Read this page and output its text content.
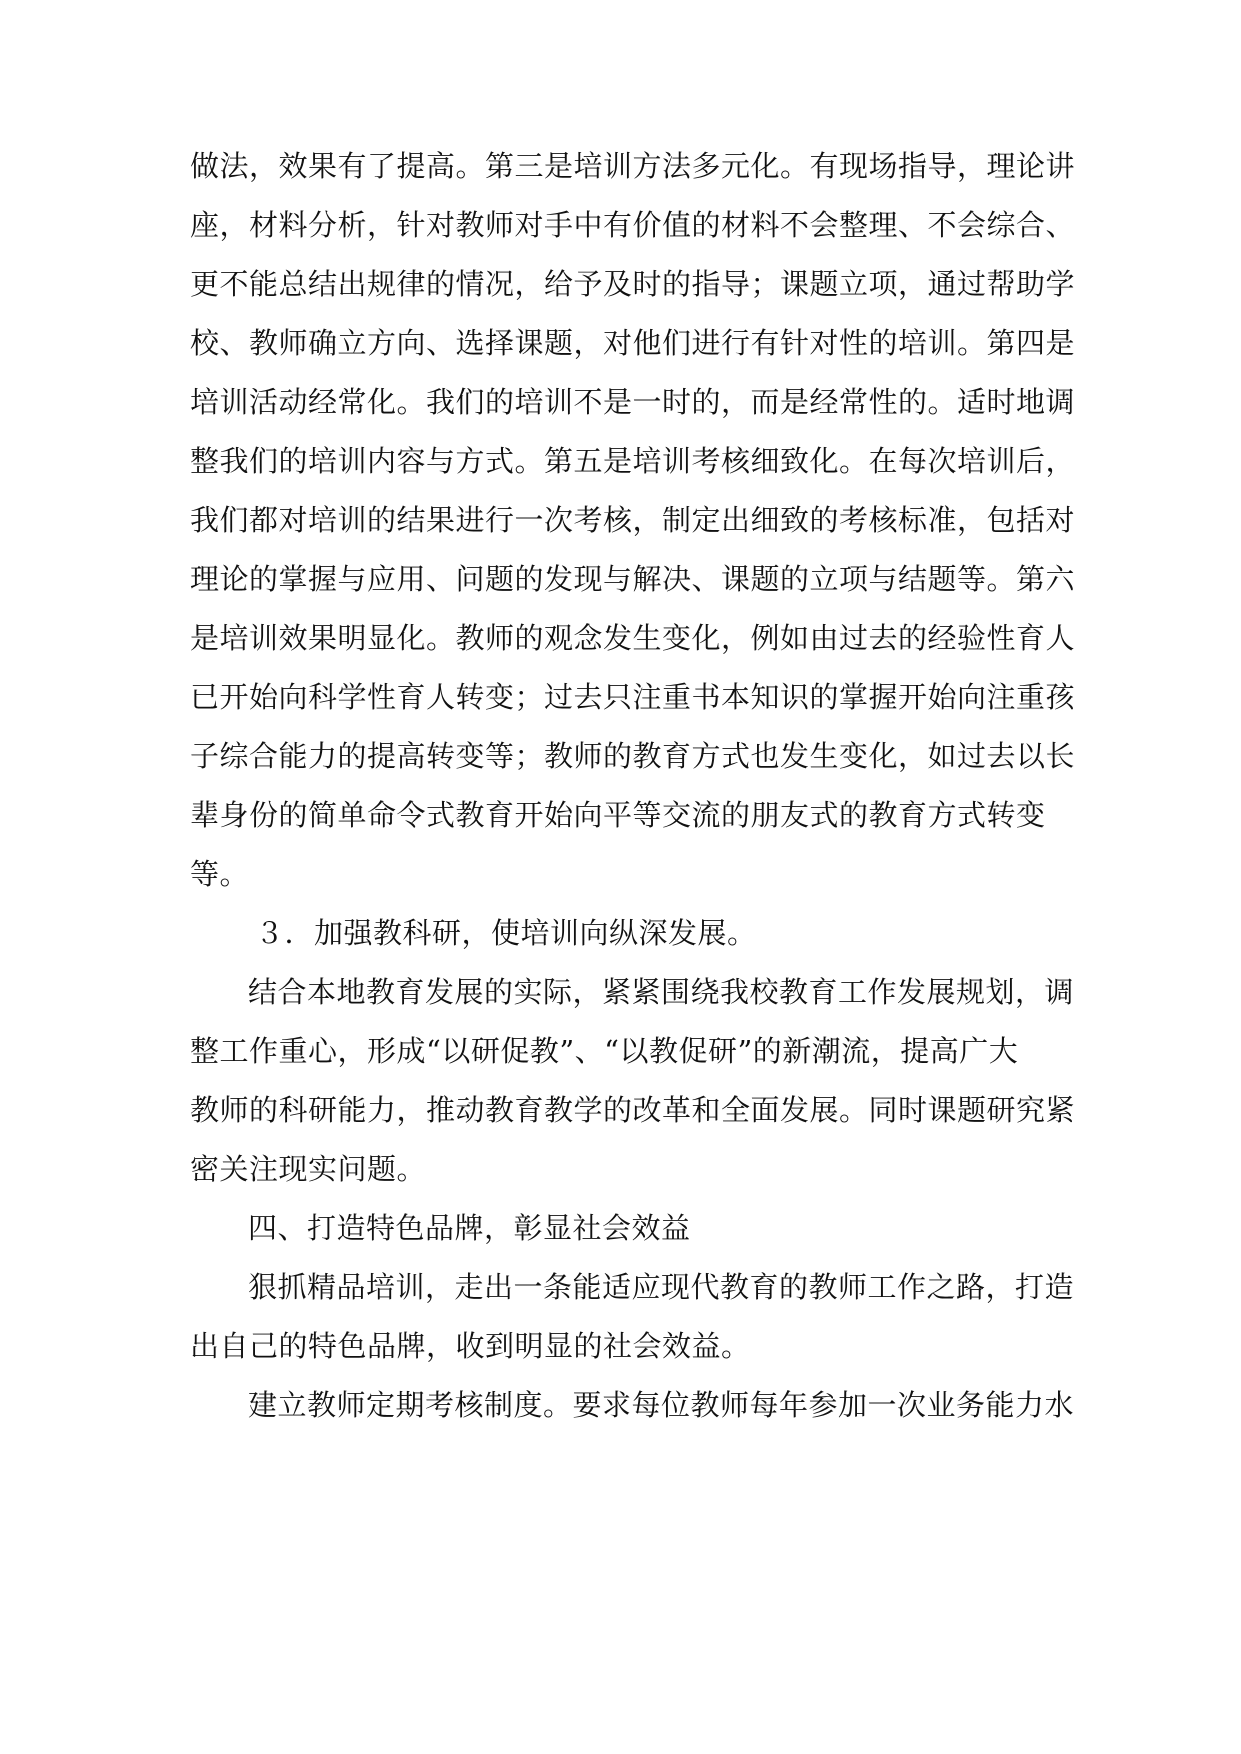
做法，效果有了提高。第三是培训方法多元化。有现场指导，理论讲
座，材料分析，针对教师对手中有价值的材料不会整理、不会综合、
更不能总结出规律的情况，给予及时的指导；课题立项，通过帮助学
校、教师确立方向、选择课题，对他们进行有针对性的培训。第四是
培训活动经常化。我们的培训不是一时的，而是经常性的。适时地调
整我们的培训内容与方式。第五是培训考核细致化。在每次培训后，
我们都对培训的结果进行一次考核，制定出细致的考核标准，包括对
理论的掌握与应用、问题的发现与解决、课题的立项与结题等。第六
是培训效果明显化。教师的观念发生变化，例如由过去的经验性育人
已开始向科学性育人转变；过去只注重书本知识的掌握开始向注重孩
子综合能力的提高转变等；教师的教育方式也发生变化，如过去以长
辈身份的简单命令式教育开始向平等交流的朋友式的教育方式转变
等。
３．加强教科研，使培训向纵深发展。
结合本地教育发展的实际，紧紧围绕我校教育工作发展规划，调
整工作重心，形成“以研促教”、“以教促研”的新潮流，提高广大
教师的科研能力，推动教育教学的改革和全面发展。同时课题研究紧
密关注现实问题。
四、打造特色品牌，彰显社会效益
狠抓精品培训，走出一条能适应现代教育的教师工作之路，打造
出自己的特色品牌，收到明显的社会效益。
建立教师定期考核制度。要求每位教师每年参加一次业务能力水
